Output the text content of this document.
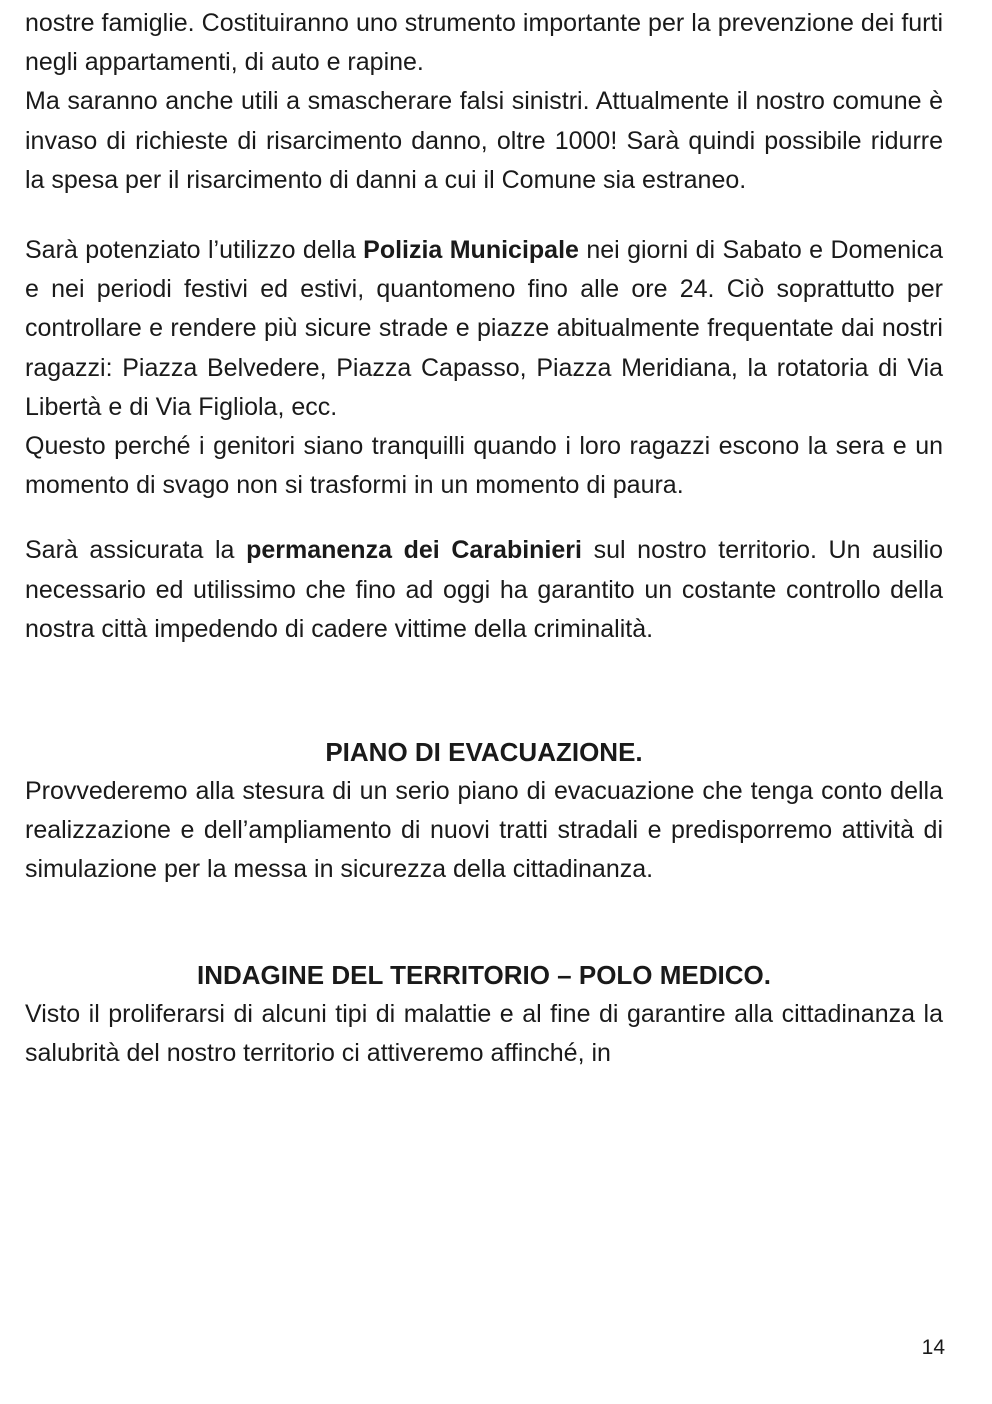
nostre famiglie. Costituiranno uno strumento importante per la prevenzione dei furti negli appartamenti, di auto e rapine.

Ma saranno anche utili a smascherare falsi sinistri. Attualmente il nostro comune è invaso di richieste di risarcimento danno, oltre 1000! Sarà quindi possibile ridurre la spesa per il risarcimento di danni a cui il Comune sia estraneo.

Sarà potenziato l’utilizzo della Polizia Municipale nei giorni di Sabato e Domenica e nei periodi festivi ed estivi, quantomeno fino alle ore 24. Ciò soprattutto per controllare e rendere più sicure strade e piazze abitualmente frequentate dai nostri ragazzi: Piazza Belvedere, Piazza Capasso, Piazza Meridiana, la rotatoria di Via Libertà e di Via Figliola, ecc.

Questo perché i genitori siano tranquilli quando i loro ragazzi escono la sera e un momento di svago non si trasformi in un momento di paura.

Sarà assicurata la permanenza dei Carabinieri sul nostro territorio. Un ausilio necessario ed utilissimo che fino ad oggi ha garantito un costante controllo della nostra città impedendo di cadere vittime della criminalità.

PIANO DI EVACUAZIONE.

Provvederemo alla stesura di un serio piano di evacuazione che tenga conto della realizzazione e dell’ampliamento di nuovi tratti stradali e predisporremo attività di simulazione per la messa in sicurezza della cittadinanza.

INDAGINE DEL TERRITORIO – POLO MEDICO.

Visto il proliferarsi di alcuni tipi di malattie e al fine di garantire alla cittadinanza la salubrità del nostro territorio ci attiveremo affinché, in

14
